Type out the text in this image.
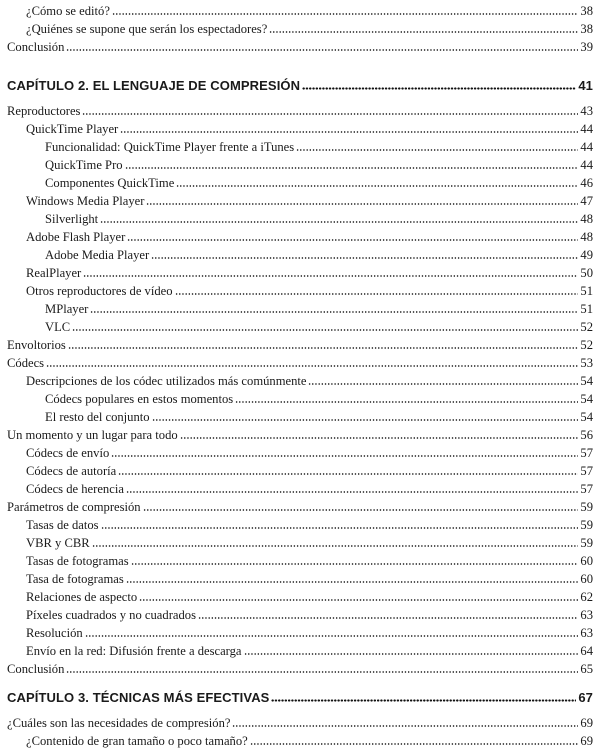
¿Cómo se editó?	38
¿Quiénes se supone que serán los espectadores?	38
Conclusión	39
CAPÍTULO 2. EL LENGUAJE DE COMPRESIÓN	41
Reproductores	43
QuickTime Player	44
Funcionalidad: QuickTime Player frente a iTunes	44
QuickTime Pro	44
Componentes QuickTime	46
Windows Media Player	47
Silverlight	48
Adobe Flash Player	48
Adobe Media Player	49
RealPlayer	50
Otros reproductores de vídeo	51
MPlayer	51
VLC	52
Envoltorios	52
Códecs	53
Descripciones de los códec utilizados más comúnmente	54
Códecs populares en estos momentos	54
El resto del conjunto	54
Un momento y un lugar para todo	56
Códecs de envío	57
Códecs de autoría	57
Códecs de herencia	57
Parámetros de compresión	59
Tasas de datos	59
VBR y CBR	59
Tasas de fotogramas	60
Tasa de fotogramas	60
Relaciones de aspecto	62
Píxeles cuadrados y no cuadrados	63
Resolución	63
Envío en la red: Difusión frente a descarga	64
Conclusión	65
CAPÍTULO 3. TÉCNICAS MÁS EFECTIVAS	67
¿Cuáles son las necesidades de compresión?	69
¿Contenido de gran tamaño o poco tamaño?	69
